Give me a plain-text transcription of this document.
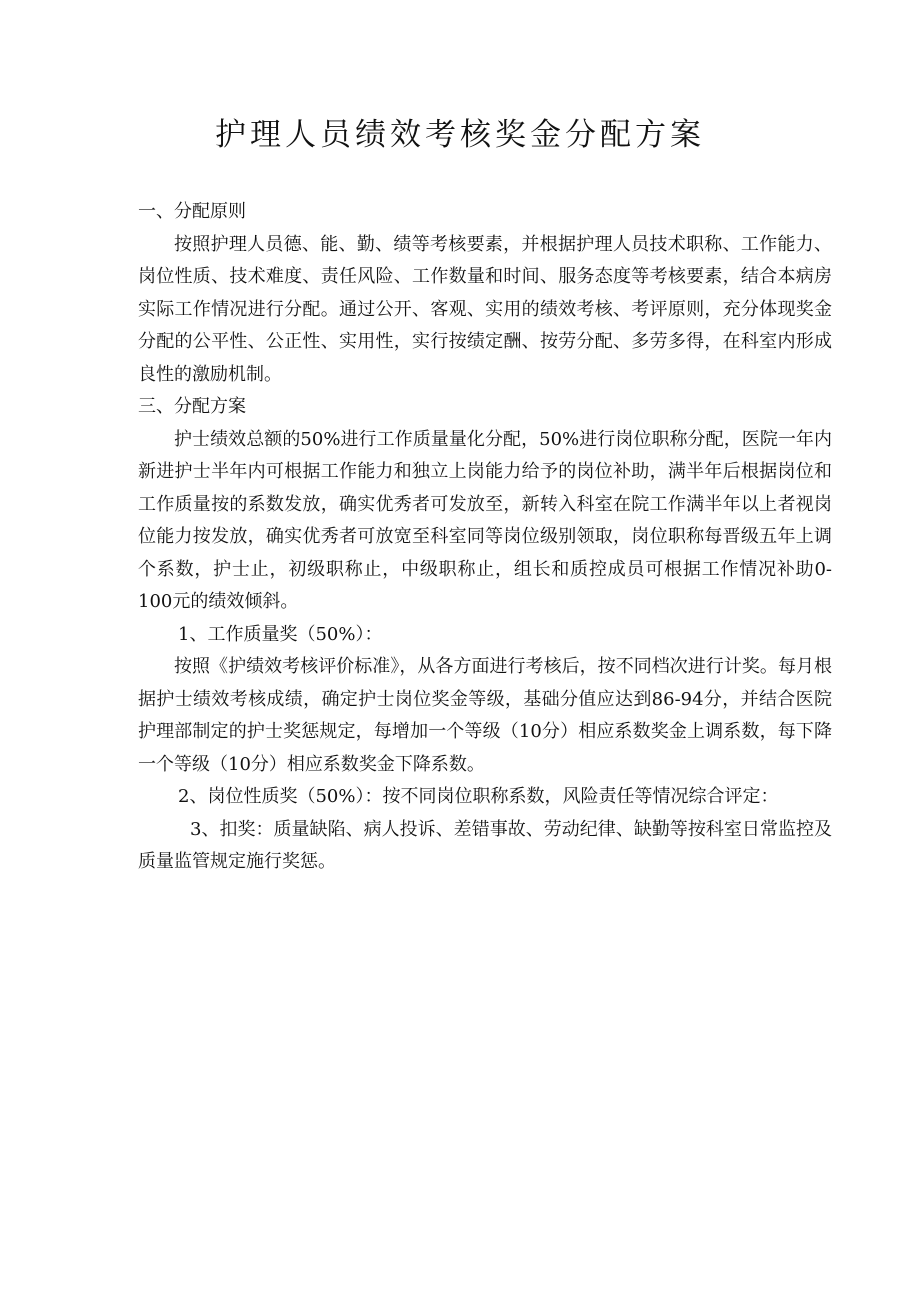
护理人员绩效考核奖金分配方案

一、分配原则

按照护理人员德、能、勤、绩等考核要素，并根据护理人员技术职称、工作能力、岗位性质、技术难度、责任风险、工作数量和时间、服务态度等考核要素，结合本病房实际工作情况进行分配。通过公开、客观、实用的绩效考核、考评原则，充分体现奖金分配的公平性、公正性、实用性，实行按绩定酬、按劳分配、多劳多得，在科室内形成良性的激励机制。

三、分配方案

护士绩效总额的50%进行工作质量量化分配，50%进行岗位职称分配，医院一年内新进护士半年内可根据工作能力和独立上岗能力给予的岗位补助，满半年后根据岗位和工作质量按的系数发放，确实优秀者可发放至，新转入科室在院工作满半年以上者视岗位能力按发放，确实优秀者可放宽至科室同等岗位级别领取，岗位职称每晋级五年上调个系数，护士止，初级职称止，中级职称止，组长和质控成员可根据工作情况补助0-100元的绩效倾斜。

1、工作质量奖（50%）：

按照《护绩效考核评价标准》，从各方面进行考核后，按不同档次进行计奖。每月根据护士绩效考核成绩，确定护士岗位奖金等级，基础分值应达到86-94分，并结合医院护理部制定的护士奖惩规定，每增加一个等级（10分）相应系数奖金上调系数，每下降一个等级（10分）相应系数奖金下降系数。

2、岗位性质奖（50%）：按不同岗位职称系数，风险责任等情况综合评定：

3、扣奖：质量缺陷、病人投诉、差错事故、劳动纪律、缺勤等按科室日常监控及质量监管规定施行奖惩。
